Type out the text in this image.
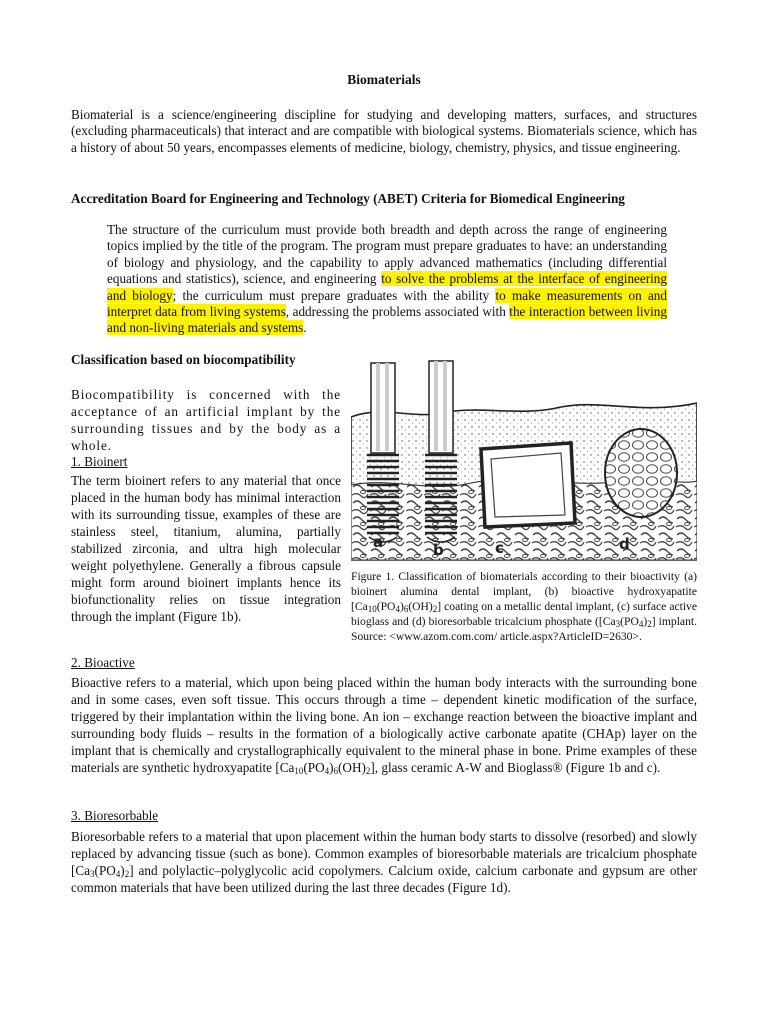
Biomaterials

Biomaterial is a science/engineering discipline for studying and developing matters, surfaces, and structures (excluding pharmaceuticals) that interact and are compatible with biological systems. Biomaterials science, which has a history of about 50 years, encompasses elements of medicine, biology, chemistry, physics, and tissue engineering.

Accreditation Board for Engineering and Technology (ABET) Criteria for Biomedical Engineering

The structure of the curriculum must provide both breadth and depth across the range of engineering topics implied by the title of the program. The program must prepare graduates to have: an understanding of biology and physiology, and the capability to apply advanced mathematics (including differential equations and statistics), science, and engineering to solve the problems at the interface of engineering and biology; the curriculum must prepare graduates with the ability to make measurements on and interpret data from living systems, addressing the problems associated with the interaction between living and non-living materials and systems.

Classification based on biocompatibility

Biocompatibility is concerned with the acceptance of an artificial implant by the surrounding tissues and by the body as a whole.

1. Bioinert

The term bioinert refers to any material that once placed in the human body has minimal interaction with its surrounding tissue, examples of these are stainless steel, titanium, alumina, partially stabilized zirconia, and ultra high molecular weight polyethylene. Generally a fibrous capsule might form around bioinert implants hence its biofunctionality relies on tissue integration through the implant (Figure 1b).

a	b	c	d

Figure 1. Classification of biomaterials according to their bioactivity (a) bioinert alumina dental implant, (b) bioactive hydroxyapatite $[Ca_{10}(PO_4)_6(OH)_2]$ coating on a metallic dental implant, (c) surface active bioglass and (d) bioresorbable tricalcium phosphate ($[Ca_3(PO_4)_2]$ implant. Source: <www.azom.com.com/ article.aspx?ArticleID=2630>.

2. Bioactive

Bioactive refers to a material, which upon being placed within the human body interacts with the surrounding bone and in some cases, even soft tissue. This occurs through a time – dependent kinetic modification of the surface, triggered by their implantation within the living bone. An ion – exchange reaction between the bioactive implant and surrounding body fluids – results in the formation of a biologically active carbonate apatite (CHAp) layer on the implant that is chemically and crystallographically equivalent to the mineral phase in bone. Prime examples of these materials are synthetic hydroxyapatite $[Ca_{10}(PO_4)_6(OH)_2]$, glass ceramic A-W and Bioglass® (Figure 1b and c).

3. Bioresorbable

Bioresorbable refers to a material that upon placement within the human body starts to dissolve (resorbed) and slowly replaced by advancing tissue (such as bone). Common examples of bioresorbable materials are tricalcium phosphate $[Ca_3(PO_4)_2]$ and polylactic–polyglycolic acid copolymers. Calcium oxide, calcium carbonate and gypsum are other common materials that have been utilized during the last three decades (Figure 1d).
